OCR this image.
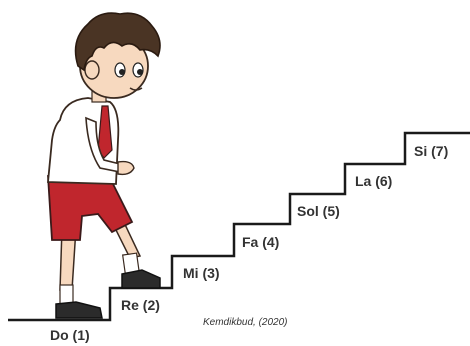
Do (1)
Re (2)
Mi (3)
Fa (4)
Sol (5)
La (6)
Si (7)
Kemdikbud, (2020)
